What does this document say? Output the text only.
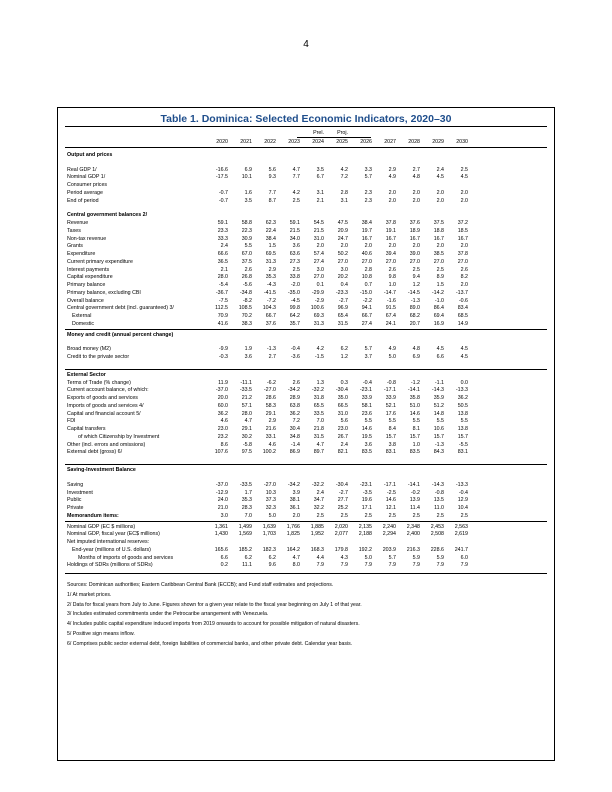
4
Table 1. Dominica: Selected Economic Indicators, 2020–30
Prel.	Proj.
2020	2021	2022	2023	2024	2025	2026	2027	2028	2029	2030
Output and prices
Real GDP 1/	-16.6	6.9	5.6	4.7	3.5	4.2	3.3	2.9	2.7	2.4	2.5
Nominal GDP 1/	-17.5	10.1	9.3	7.7	6.7	7.2	5.7	4.9	4.8	4.5	4.5
Consumer prices
Period average	-0.7	1.6	7.7	4.2	3.1	2.8	2.3	2.0	2.0	2.0	2.0
End of period	-0.7	3.5	8.7	2.5	2.1	3.1	2.3	2.0	2.0	2.0	2.0
Central government balances 2/
Revenue	59.1	58.8	62.3	59.1	54.5	47.5	38.4	37.8	37.6	37.5	37.2
Taxes	23.3	22.3	22.4	21.5	21.5	20.9	19.7	19.1	18.9	18.8	18.5
Non-tax revenue	33.3	30.9	38.4	34.0	31.0	24.7	16.7	16.7	16.7	16.7	16.7
Grants	2.4	5.5	1.5	3.6	2.0	2.0	2.0	2.0	2.0	2.0	2.0
Expenditure	66.6	67.0	69.5	63.6	57.4	50.2	40.6	39.4	39.0	38.5	37.8
Current primary expenditure	36.5	37.5	31.3	27.3	27.4	27.0	27.0	27.0	27.0	27.0	27.0
Interest payments	2.1	2.6	2.9	2.5	3.0	3.0	2.8	2.6	2.5	2.5	2.6
Capital expenditure	28.0	26.8	35.3	33.8	27.0	20.2	10.8	9.8	9.4	8.9	8.2
Primary balance	-5.4	-5.6	-4.3	-2.0	0.1	0.4	0.7	1.0	1.2	1.5	2.0
Primary balance, excluding CBI	-36.7	-34.8	-41.5	-35.0	-29.9	-23.3	-15.0	-14.7	-14.5	-14.2	-13.7
Overall balance	-7.5	-8.2	-7.2	-4.5	-2.9	-2.7	-2.2	-1.6	-1.3	-1.0	-0.6
Central government debt (incl. guaranteed) 3/	112.5	108.5	104.3	99.8	100.6	96.9	94.1	91.5	89.0	86.4	83.4
External	70.9	70.2	66.7	64.2	69.3	65.4	66.7	67.4	68.2	69.4	68.5
Domestic	41.6	38.3	37.6	35.7	31.3	31.5	27.4	24.1	20.7	16.9	14.9
Money and credit (annual percent change)
Broad money (M2)	-9.9	1.9	-1.3	-0.4	4.2	6.2	5.7	4.9	4.8	4.5	4.5
Credit to the private sector	-0.3	3.6	2.7	-3.6	-1.5	1.2	3.7	5.0	6.9	6.6	4.5
External Sector
Terms of Trade (% change)	11.9	-11.1	-6.2	2.6	1.3	0.3	-0.4	-0.8	-1.2	-1.1	0.0
Current account balance, of which:	-37.0	-33.5	-27.0	-34.2	-32.2	-30.4	-23.1	-17.1	-14.1	-14.3	-13.3
Exports of goods and services	20.0	21.2	28.6	28.9	31.8	35.0	33.9	33.9	35.8	35.9	36.2
Imports of goods and services 4/	60.0	57.1	58.3	63.8	65.5	66.5	58.1	52.1	51.0	51.2	50.5
Capital and financial account 5/	36.2	28.0	29.1	36.2	33.5	31.0	23.6	17.6	14.6	14.8	13.8
FDI	4.6	4.7	2.9	7.2	7.0	5.6	5.5	5.5	5.5	5.5	5.5
Capital transfers	23.0	29.1	21.6	30.4	21.8	23.0	14.6	8.4	8.1	10.6	13.8
of which Citizenship by Investment	23.2	30.2	33.1	34.8	31.5	26.7	19.5	15.7	15.7	15.7	15.7
Other (incl. errors and omissions)	8.6	-5.8	4.6	-1.4	4.7	2.4	3.6	3.8	1.0	-1.3	-5.5
External debt (gross) 6/	107.6	97.5	100.2	86.9	89.7	82.1	83.5	83.1	83.5	84.3	83.1
Saving-Investment Balance
Saving	-37.0	-33.5	-27.0	-34.2	-32.2	-30.4	-23.1	-17.1	-14.1	-14.3	-13.3
Investment	-12.9	1.7	10.3	3.9	2.4	-2.7	-3.5	-2.5	-0.2	-0.8	-0.4
Public	24.0	35.3	37.3	38.1	34.7	27.7	19.6	14.6	13.9	13.5	12.9
Private	21.0	28.3	32.3	36.1	32.2	25.2	17.1	12.1	11.4	11.0	10.4
Memorandum items:	3.0	7.0	5.0	2.0	2.5	2.5	2.5	2.5	2.5	2.5	2.5
Nominal GDP (EC $ millions)	1,361	1,499	1,639	1,766	1,885	2,020	2,135	2,240	2,348	2,453	2,563
Nominal GDP, fiscal year (EC$ millions)	1,430	1,569	1,703	1,825	1,952	2,077	2,188	2,294	2,400	2,508	2,619
Net imputed international reserves:
End-year (millions of U.S. dollars)	165.6	185.2	182.3	164.2	168.3	179.8	192.2	203.9	216.3	228.6	241.7
Months of imports of goods and services	6.6	6.2	6.2	4.7	4.4	4.3	5.0	5.7	5.9	5.9	6.0
Holdings of SDRs (millions of SDRs)	0.2	11.1	9.6	8.0	7.9	7.9	7.9	7.9	7.9	7.9	7.9
Sources: Dominican authorities; Eastern Caribbean Central Bank (ECCB); and Fund staff estimates and projections.
1/ At market prices.
2/ Data for fiscal years from July to June. Figures shown for a given year relate to the fiscal year beginning on July 1 of that year.
3/ Includes estimated commitments under the Petrocaribe arrangement with Venezuela.
4/ Includes public capital expenditure induced imports from 2019 onwards to account for possible mitigation of natural disasters.
5/ Positive sign means inflow.
6/ Comprises public sector external debt, foreign liabilities of commercial banks, and other private debt. Calendar year basis.
